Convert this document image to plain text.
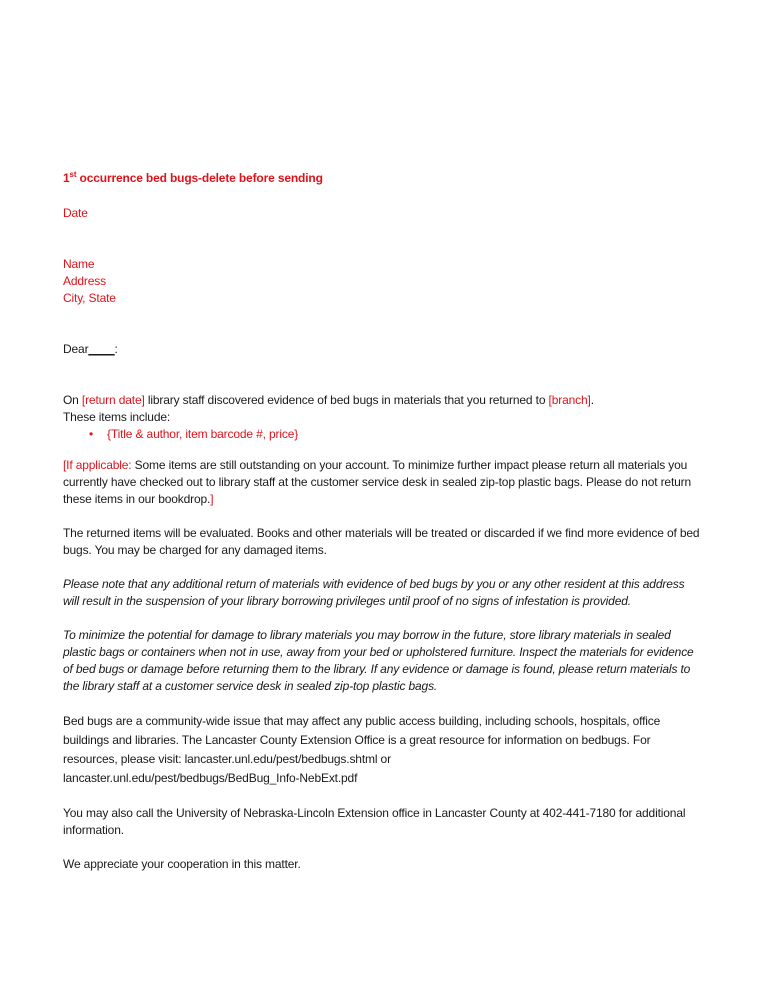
1st occurrence bed bugs-delete before sending

Date

Name

Address

City, State

Dear____:

On [return date] library staff discovered evidence of bed bugs in materials that you returned to [branch].
These items include:

• {Title & author, item barcode #, price}

[If applicable: Some items are still outstanding on your account. To minimize further impact please return all materials you currently have checked out to library staff at the customer service desk in sealed zip-top plastic bags. Please do not return these items in our bookdrop.]

The returned items will be evaluated. Books and other materials will be treated or discarded if we find more evidence of bed bugs. You may be charged for any damaged items.

Please note that any additional return of materials with evidence of bed bugs by you or any other resident at this address will result in the suspension of your library borrowing privileges until proof of no signs of infestation is provided.

To minimize the potential for damage to library materials you may borrow in the future, store library materials in sealed plastic bags or containers when not in use, away from your bed or upholstered furniture. Inspect the materials for evidence of bed bugs or damage before returning them to the library. If any evidence or damage is found, please return materials to the library staff at a customer service desk in sealed zip-top plastic bags.

Bed bugs are a community-wide issue that may affect any public access building, including schools, hospitals, office buildings and libraries. The Lancaster County Extension Office is a great resource for information on bedbugs. For resources, please visit: lancaster.unl.edu/pest/bedbugs.shtml or
lancaster.unl.edu/pest/bedbugs/BedBug_Info-NebExt.pdf

You may also call the University of Nebraska-Lincoln Extension office in Lancaster County at 402-441-7180 for additional information.

We appreciate your cooperation in this matter.
